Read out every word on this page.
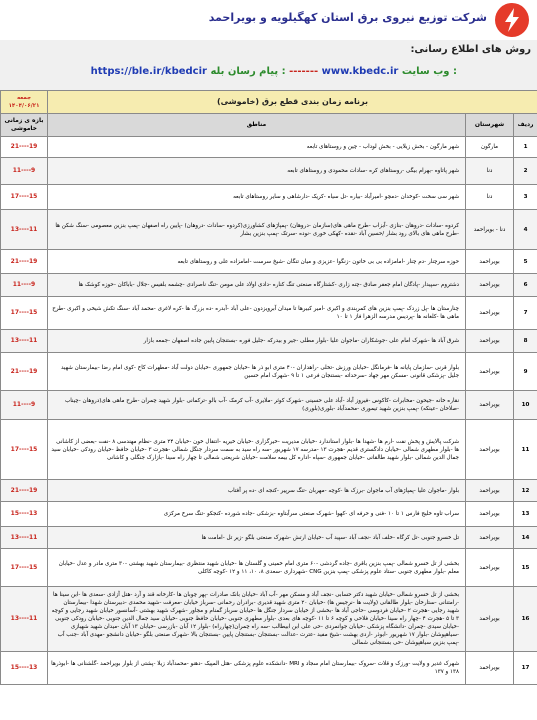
شرکت توزیع نیروی برق استان کهگیلویه و بویراحمد
روش های اطلاع رسانی:
https://ble.ir/kbedcir پیام رسان بله : ------- www.kbedc.ir وب سایت :
برنامه زمان بندی قطع برق (خاموشی)			جمعه
۱۴۰۴/۰۶/۲۱

ردیف	شهرستان	مناطق	بازه ی زمانی خاموشی
1	مارگون	شهر مارگون - بخش زیلایی - بخش لوداب - چین و روستاهای تابعه	21----19
2	دنا	شهر پاتاوه -بهرام بیگی -روستاهای کره -سادات محمودی و روستاهای تابعه	11----9
3	دنا	شهر سی سخت -کوخدان -دمچو -امیرآباد -بیاره -تل سیاه -کریک -دارشاهی و سایر روستاهای تابعه	17----15
4	دنا - بویراحمد	کردوه -سادات -دروهان -بنازی -آبزاب -طرح ماهی های(سازمان -دروهان) -پمپاژهای کشاورزی(کردوه -سادات -دروهان) -پایین راه اصفهان -پمپ بنزین معصومی -سنگ شکن ها -طرح ماهی های بالای رود بشار /حسین آباد -نقده -کهکی خوری -نوده -سرتک -پمپ بنزین بشار	13----11
5	بویراحمد	حوزه سرچنار -دم چنار -امامزاده بی بی خاتون -زنگوا -عزیزی و میان تنگان -شیخ سرست -امامزاده علی و روستاهای تابعه	21----19
6	بویراحمد	دشتروم -سپیدار -پادگان امام جعفر صادق -چنه زاری -کشتارگاه صنعتی تنگ کناره -دادی اولاد علی مومن -تنگ ناصرادی -چشمه بلقیس -جلال -باباکان -حوزه کوشک ها	11----9
7	بویراحمد	چنارستان ها -پل زردک -پمپ بنزین های کمربندی و اکبری -امیر کبیرها تا میدان آبرویزدون -علی آباد -آبدره -ده بزرگ ها -کره لاغری -محمد آباد -سنگ تکش شیخی و اکبری -طرح ماهی ها -کلغانه ها -پردیس مدرسه الزهرا فاز ۱ تا ۱۰	17----15
8	بویراحمد	شرق آباد ها -شهرک امام علی -جوشکاران -ماجوان علیا -بلوار مطلی -جیر و بیدرکه -جلیل فوره -بستنجان پایین جاده اصفهان -جمعه بازار	13----11
9	بویراحمد	بلوار قرنی -سازمان پایانه ها -فرمانگل -خیابان ورزش -تخلی -راهداران -۴۰ متری ابو ذر ها -خیابان جمهوری -خیابان دولت آباد -مطهرات کاخ -کوی امام رضا -بیمارستان شهید جلیل -پزشکی قانونی -مسکن مهر جهاد -سرحداته -بستنجان فرعی ۱ تا ۹ -شهرک امام حسین	21----19
10	بویراحمد	نقاره خانه -جیحون -مخابرات -کاکوس -فیروز آباد -آباد علی حسینی -شهرک کوثر -ملایری -آب کرمک -آب بالو -ترکمانی -بلوار شهید چمران -طرح ماهی های(دروهان -چیناب -صلاحان -عینکه) -پمپ بنزین شهید تیموری -محمدآباد -بلوری(بلوری)	11----9
11	بویراحمد	شرکت پالایش و پخش نفت -ارم ها -شهدا ها -بلوار استاندارد -خیابان مدیریت -خیرگزاری -خیابان خیریه -انتقال خون -خیابان ۲۴ متری -نظام مهندسی ۸ -نفت -بعضی از کاشانی ها -بلوار مطهری شمالی -خیابان دادگستری قدیم -هجرت ۱۳ -مدرسه ۱۷ شهریور -سه راه سید به سمت سردار جنگل شمالی -هجرت ۳ -خیابان حافظ -خیابان رودکی -خیابان سید جمال الدین شمالی -بلوار شهید طالقانی -خیابان جمهوری -سپاه -اداره کل بیمه سلامت -خیابان شریعتی شمالی تا چهار راه سینا -بازارک جنگلی و کاشانی	17----15
12	بویراحمد	بلوار -ماجوان علیا -پمپاژهای آب ماجوان -برزک ها -کوچه -مهربان -تنگ سرپیر -کنجه ای -ده پر آفتاب	21----19
13	بویراحمد	سراب تاوه خلیج فارس ۱ تا ۱۰ -فنی و حرفه ای -کهوا -شهرک صنعتی سرآبتاوه -بزشکی -جاده شورده -کنجکو -تنگ سرخ مرکزی	15----13
14	بویراحمد	تل خسرو جنوبی -تل کرگاه -خلف آباد -نجف آباد -سپید آب -خیابان ارتش -شهرک صنعتی بلگو -زیر تل -امامت ها	13----11
15	بویراحمد	بخشی از تل خسرو شمالی -پمپ بنزین باقری -جاده گردشی -۶۰ متری امام خمینی و گلستان ها -خیابان شهید منتظری -بیمارستان شهید بهشتی -۳۰ متری مادر و عدل -خیابان معلم -بلوار مطهری جنوبی -ستاد علوم پزشکی -پمپ بنزین CNG -شهرداری -سعدی ۸، ۱۰، ۱۱ و ۱۲ -کوچه کاکلی	17----15
16	بویراحمد	بخشی از تل خسرو شمالی -خیابان شهید دکتر حسابی -نجف آباد و مسکن مهر -آب آباد -خیابان بانک صادرات -پهر چوبان ها -کارخانه قند و آرد -هتل آزادی -سعدی ها -ابن سینا ها -رامتنانی -ستارخان -بلوار طالقانی (ولایت ها -نرجیس ها) -خیابان ۲۰ متری شهید قدیری -برادران رحمانی -سرباز خیابان -معرفت -شهید محمدی -دبیرستان شهدا -بیمارستان شهید رجایی -هجرت ۲ -خیابان فردوسی -حاجی آباد ها -بخشی از خیابان سردار جنگل ها -خیابان سرباز گمنام و مجاور -شهرک شهید بهشتی -آسانسور خیابان شهید رجایی و کوچه ۳ تا ۵ -هجرت ۴ -چهار راه سینا -خیابان فلاحی و کوچه ۶ تا ۱۱ -کوچه های بعدی -بلوار مطهری جنوبی -خیابان حافظ جنوبی -خیابان سید جمال الدین جنوبی -خیابان رودکی جنوبی -خیابان سیدی -چمران -دانشگاه پزشکی -خیابان جوانمردی -حی علی ابن ابیطالب -سه راه چمران(چهارراه) -بلوار ۱۲ آبان -بازرسی -خیابان ۱۳ آبان -میدان شهید شهبازی -سیاهپوشان -بلوار ۱۷ شهریور -ابوذر -اردی بهشت -شیخ مفید -عترت -عدالت -بستنجان -بستنجان پایین -بستنجان بالا -شهرک صنعتی بلگو -خیابان دانشجو -مهدی آباد -جنب آب -پمپ بنزین سیاهپوشان -حی بستنجانی شمالی	13----11
17	بویراحمد	شهرک غدیر و ولایت -ورزک و قلات -سروک -بیمارستان امام سجاد و MRI -دانشکده علوم پزشکی -هتل المپیک -دهنو -محمدآباد زیلا -پشتی از بلوار بویراحمد -گلشنانی ها -ابوذرها ۱۳۸ و ۱۳۷	15----13
